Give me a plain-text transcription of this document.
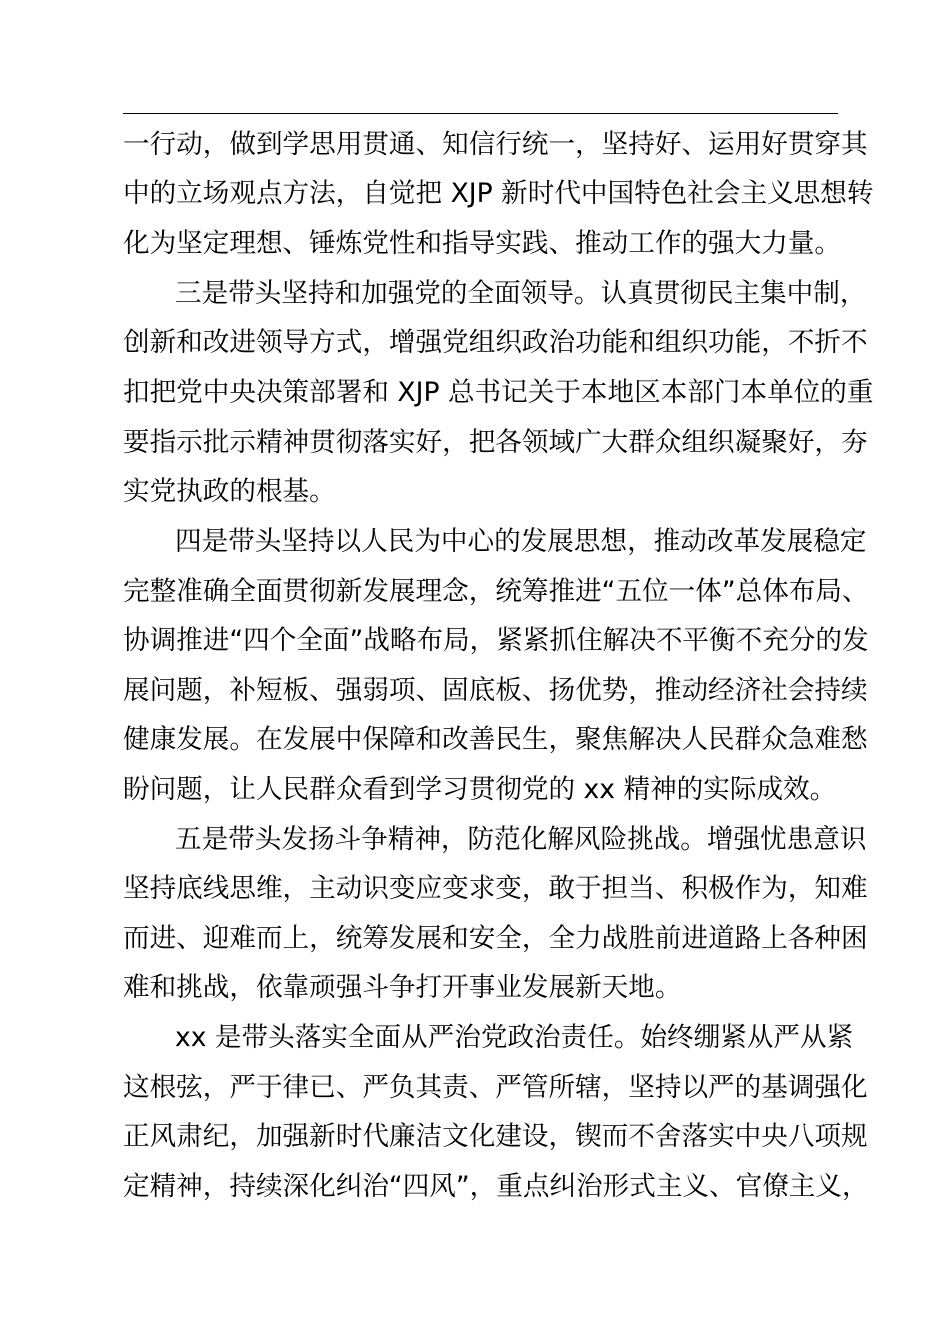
一行动，做到学思用贯通、知信行统一，坚持好、运用好贯穿其
中的立场观点方法，自觉把 XJP 新时代中国特色社会主义思想转
化为坚定理想、锤炼党性和指导实践、推动工作的强大力量。
三是带头坚持和加强党的全面领导。认真贯彻民主集中制，
创新和改进领导方式，增强党组织政治功能和组织功能，不折不
扣把党中央决策部署和 XJP 总书记关于本地区本部门本单位的重
要指示批示精神贯彻落实好，把各领域广大群众组织凝聚好，夯
实党执政的根基。
四是带头坚持以人民为中心的发展思想，推动改革发展稳定
完整准确全面贯彻新发展理念，统筹推进“五位一体”总体布局、
协调推进“四个全面”战略布局，紧紧抓住解决不平衡不充分的发
展问题，补短板、强弱项、固底板、扬优势，推动经济社会持续
健康发展。在发展中保障和改善民生，聚焦解决人民群众急难愁
盼问题，让人民群众看到学习贯彻党的 xx 精神的实际成效。
五是带头发扬斗争精神，防范化解风险挑战。增强忧患意识
坚持底线思维，主动识变应变求变，敢于担当、积极作为，知难
而进、迎难而上，统筹发展和安全，全力战胜前进道路上各种困
难和挑战，依靠顽强斗争打开事业发展新天地。
xx 是带头落实全面从严治党政治责任。始终绷紧从严从紧
这根弦，严于律已、严负其责、严管所辖，坚持以严的基调强化
正风肃纪，加强新时代廉洁文化建设，锲而不舍落实中央八项规
定精神，持续深化纠治“四风”，重点纠治形式主义、官僚主义，
